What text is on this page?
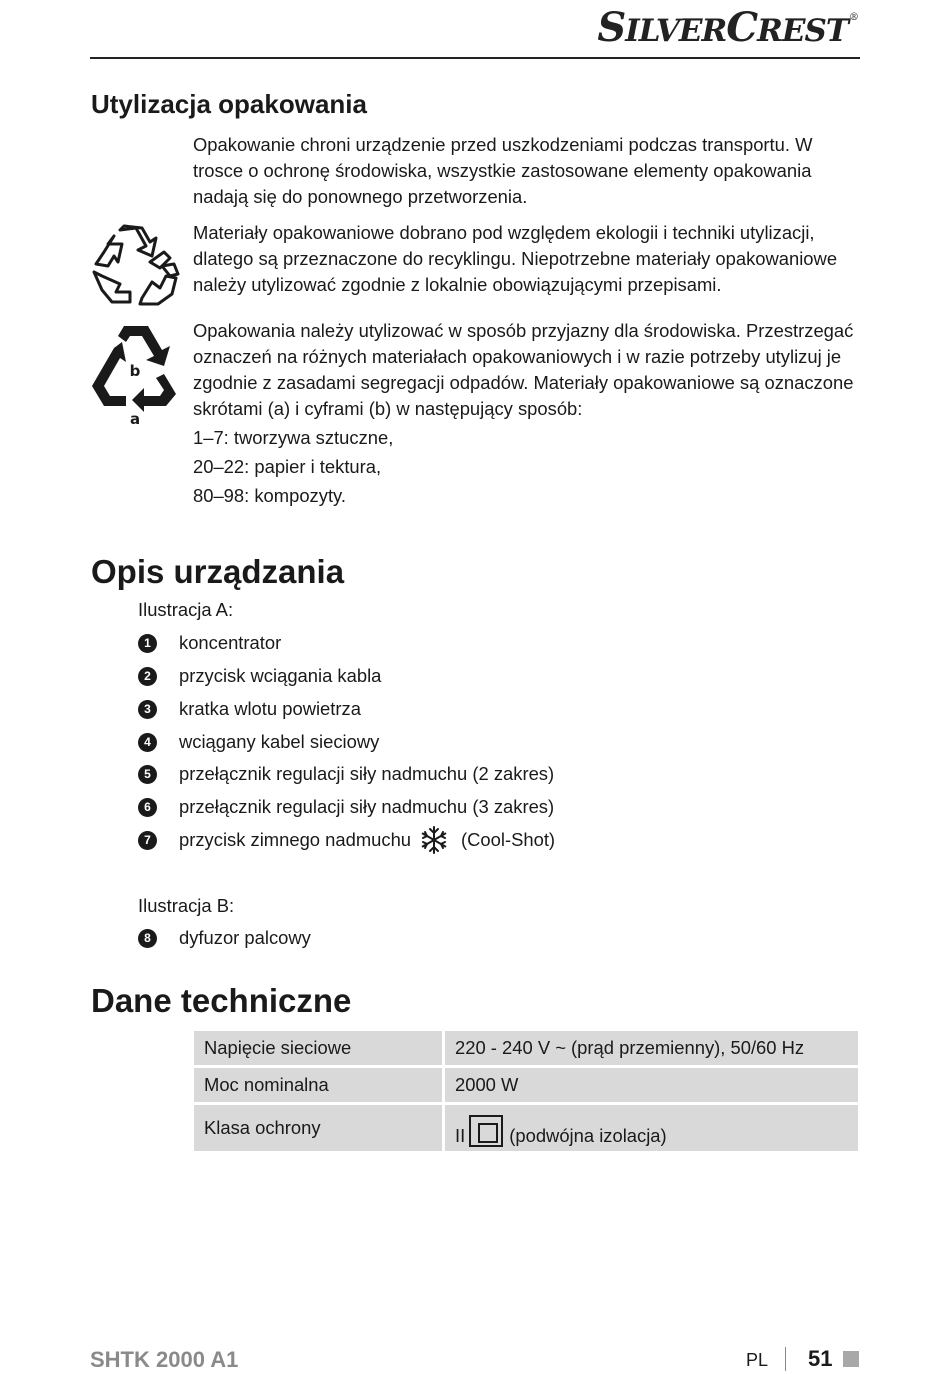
SILVERCREST®
Utylizacja opakowania
Opakowanie chroni urządzenie przed uszkodzeniami podczas transportu. W trosce o ochronę środowiska, wszystkie zastosowane elementy opakowania nadają się do ponownego przetworzenia.
Materiały opakowaniowe dobrano pod względem ekologii i techniki utylizacji, dlatego są przeznaczone do recyklingu. Niepotrzebne materiały opakowaniowe należy utylizować zgodnie z lokalnie obowiązującymi przepisami.
b
a
Opakowania należy utylizować w sposób przyjazny dla środowiska. Przestrzegać oznaczeń na różnych materiałach opakowaniowych i w razie potrzeby utylizuj je zgodnie z zasadami segregacji odpadów. Materiały opakowaniowe są oznaczone skrótami (a) i cyframi (b) w następujący sposób:
1–7: tworzywa sztuczne,
20–22: papier i tektura,
80–98: kompozyty.
Opis urządzania
Ilustracja A:
1	koncentrator
2	przycisk wciągania kabla
3	kratka wlotu powietrza
4	wciągany kabel sieciowy
5	przełącznik regulacji siły nadmuchu (2 zakres)
6	przełącznik regulacji siły nadmuchu (3 zakres)
7	przycisk zimnego nadmuchu	(Cool-Shot)
Ilustracja B:
8	dyfuzor palcowy
Dane techniczne
Napięcie sieciowe	220 - 240 V ~ (prąd przemienny), 50/60 Hz
Moc nominalna	2000 W
Klasa ochrony	II (podwójna izolacja)
SHTK 2000 A1	PL 51
